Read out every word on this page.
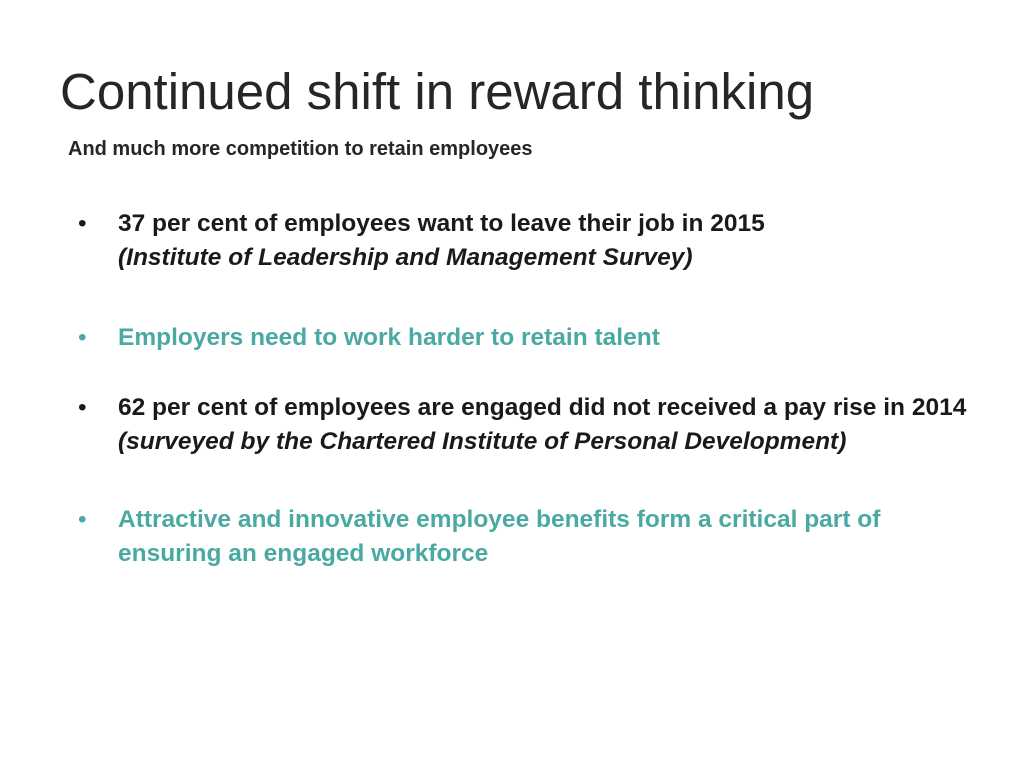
Continued shift in reward thinking
And much more competition to retain employees
•	37 per cent of employees want to leave their job in 2015
(Institute of Leadership and Management Survey)
•	Employers need to work harder to retain talent
•	62 per cent of employees are engaged did not received a pay rise in 2014 (surveyed by the Chartered Institute of Personal Development)
•	Attractive and innovative employee benefits form a critical part of ensuring an engaged workforce
